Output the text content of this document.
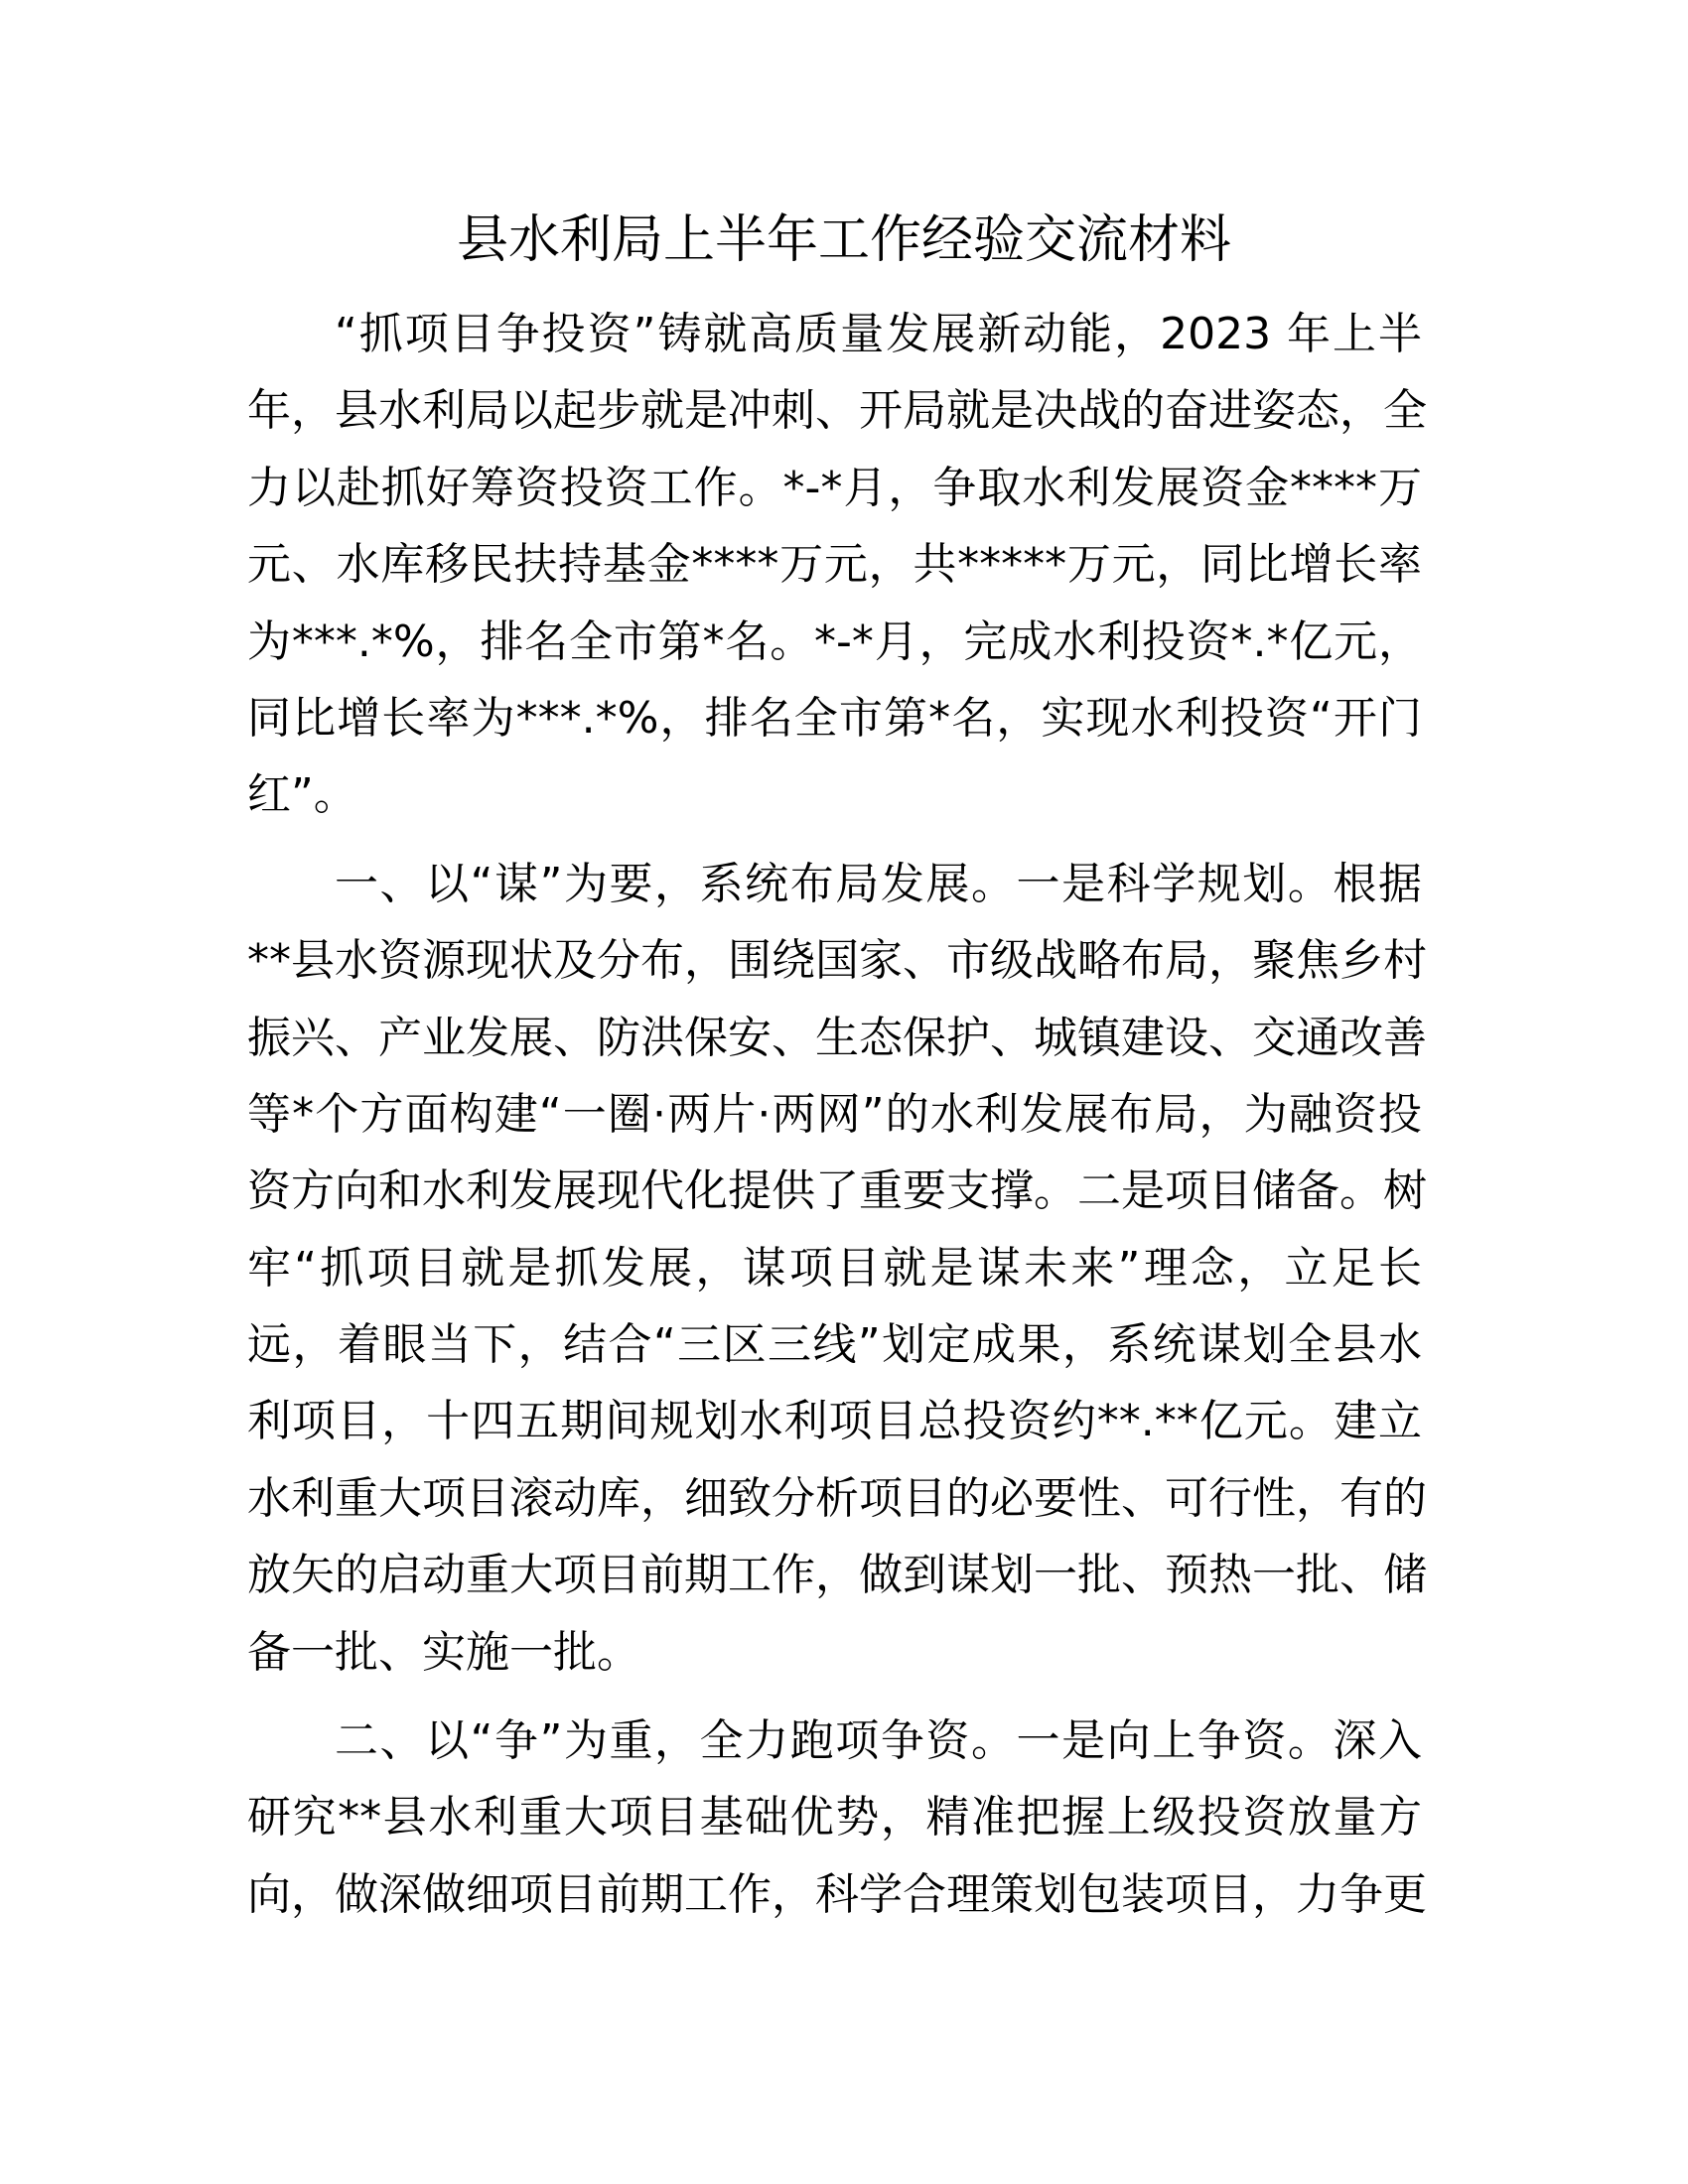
县水利局上半年工作经验交流材料
“抓项目争投资”铸就高质量发展新动能，2023 年上半
年，县水利局以起步就是冲刺、开局就是决战的奋进姿态，全
力以赴抓好筹资投资工作。*-*月，争取水利发展资金****万
元、水库移民扶持基金****万元，共*****万元，同比增长率
为***.*%，排名全市第*名。*-*月，完成水利投资*.*亿元，
同比增长率为***.*%，排名全市第*名，实现水利投资“开门
红”。
一、以“谋”为要，系统布局发展。一是科学规划。根据
**县水资源现状及分布，围绕国家、市级战略布局，聚焦乡村
振兴、产业发展、防洪保安、生态保护、城镇建设、交通改善
等*个方面构建“一圈·两片·两网”的水利发展布局，为融资投
资方向和水利发展现代化提供了重要支撑。二是项目储备。树
牢“抓项目就是抓发展，谋项目就是谋未来”理念，立足长
远，着眼当下，结合“三区三线”划定成果，系统谋划全县水
利项目，十四五期间规划水利项目总投资约**.**亿元。建立
水利重大项目滚动库，细致分析项目的必要性、可行性，有的
放矢的启动重大项目前期工作，做到谋划一批、预热一批、储
备一批、实施一批。
二、以“争”为重，全力跑项争资。一是向上争资。深入
研究**县水利重大项目基础优势，精准把握上级投资放量方
向，做深做细项目前期工作，科学合理策划包装项目，力争更
